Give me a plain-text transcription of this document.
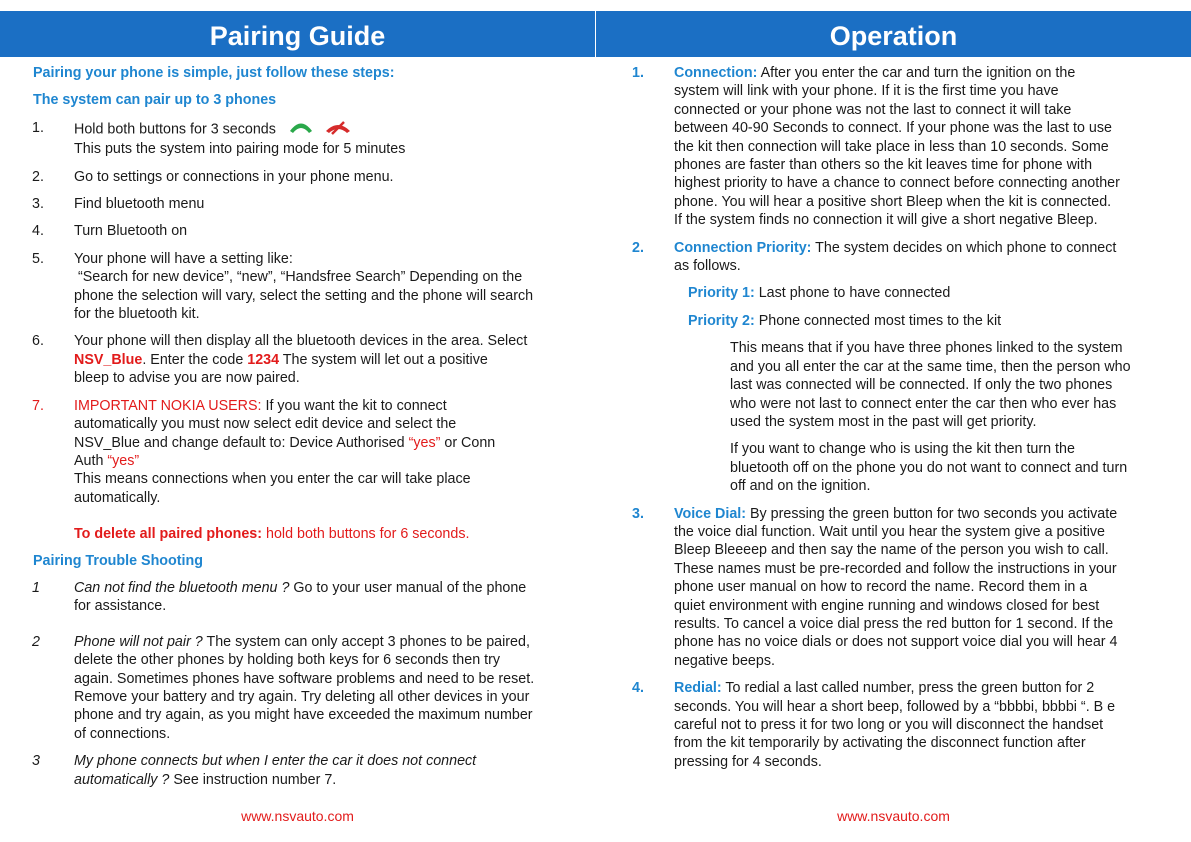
Pairing Guide
Pairing your phone is simple, just follow these steps:
The system can pair up to 3 phones
1. Hold both buttons for 3 seconds
This puts the system into pairing mode for 5 minutes
2. Go to settings or connections in your phone menu.
3. Find bluetooth menu
4. Turn Bluetooth on
5. Your phone will have a setting like:
“Search for new device”, “new”, “Handsfree Search” Depending on the
phone the selection will vary, select the setting and the phone will search
for the bluetooth kit.
6. Your phone will then display all the bluetooth devices in the area. Select
NSV_Blue. Enter the code 1234 The system will let out a positive
bleep to advise you are now paired.
7. IMPORTANT NOKIA USERS: If you want the kit to connect
automatically you must now select edit device and select the
NSV_Blue and change default to: Device Authorised “yes” or Conn
Auth “yes”
This means connections when you enter the car will take place
automatically.
To delete all paired phones: hold both buttons for 6 seconds.
Pairing Trouble Shooting
1 Can not find the bluetooth menu ? Go to your user manual of the phone
for assistance.
2 Phone will not pair ? The system can only accept 3 phones to be paired,
delete the other phones by holding both keys for 6 seconds then try
again. Sometimes phones have software problems and need to be reset.
Remove your battery and try again. Try deleting all other devices in your
phone and try again, as you might have exceeded the maximum number
of connections.
3 My phone connects but when I enter the car it does not connect
automatically ? See instruction number 7.
www.nsvauto.com
Operation
1. Connection: After you enter the car and turn the ignition on the
system will link with your phone. If it is the first time you have
connected or your phone was not the last to connect it will take
between 40-90 Seconds to connect. If your phone was the last to use
the kit then connection will take place in less than 10 seconds. Some
phones are faster than others so the kit leaves time for phone with
highest priority to have a chance to connect before connecting another
phone. You will hear a positive short Bleep when the kit is connected.
If the system finds no connection it will give a short negative Bleep.
2. Connection Priority: The system decides on which phone to connect
as follows.
Priority 1: Last phone to have connected
Priority 2: Phone connected most times to the kit
This means that if you have three phones linked to the system
and you all enter the car at the same time, then the person who
last was connected will be connected. If only the two phones
who were not last to connect enter the car then who ever has
used the system most in the past will get priority.
If you want to change who is using the kit then turn the
bluetooth off on the phone you do not want to connect and turn
off and on the ignition.
3. Voice Dial: By pressing the green button for two seconds you activate
the voice dial function. Wait until you hear the system give a positive
Bleep Bleeeep and then say the name of the person you wish to call.
These names must be pre-recorded and follow the instructions in your
phone user manual on how to record the name. Record them in a
quiet environment with engine running and windows closed for best
results. To cancel a voice dial press the red button for 1 second. If the
phone has no voice dials or does not support voice dial you will hear 4
negative beeps.
4. Redial: To redial a last called number, press the green button for 2
seconds. You will hear a short beep, followed by a “bbbbi, bbbbi “. B e
careful not to press it for two long or you will disconnect the handset
from the kit temporarily by activating the disconnect function after
pressing for 4 seconds.
www.nsvauto.com
